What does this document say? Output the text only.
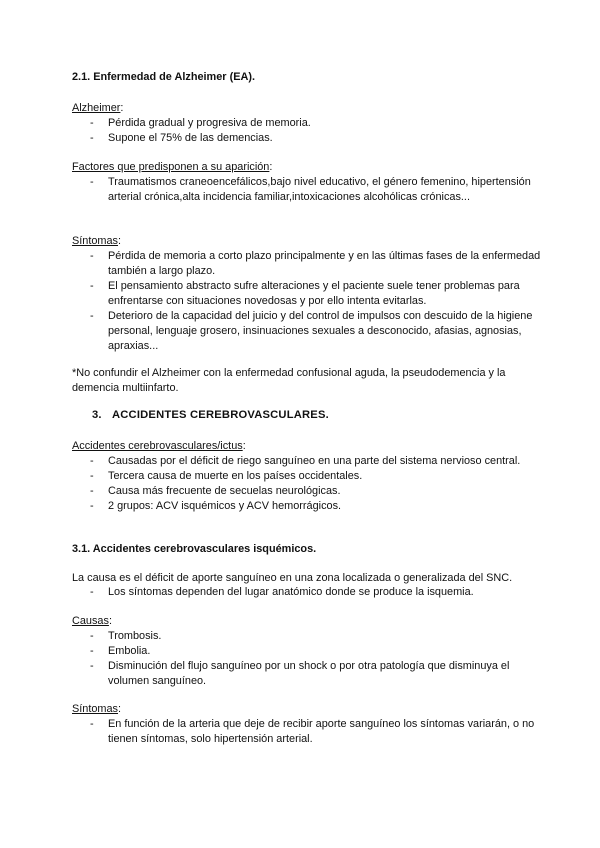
2.1. Enfermedad de Alzheimer (EA).
Alzheimer:
- Pérdida gradual y progresiva de memoria.
- Supone el 75% de las demencias.
Factores que predisponen a su aparición:
- Traumatismos craneoencefálicos,bajo nivel educativo, el género femenino, hipertensión arterial crónica,alta incidencia familiar,intoxicaciones alcohólicas crónicas...
Síntomas:
- Pérdida de memoria a corto plazo principalmente y en las últimas fases de la enfermedad también a largo plazo.
- El pensamiento abstracto sufre alteraciones y el paciente suele tener problemas para enfrentarse con situaciones novedosas y por ello intenta evitarlas.
- Deterioro de la capacidad del juicio y del control de impulsos con descuido de la higiene personal, lenguaje grosero, insinuaciones sexuales a desconocido, afasias, agnosias, apraxias...
*No confundir el Alzheimer con la enfermedad confusional aguda, la pseudodemencia y la demencia multiinfarto.
3. ACCIDENTES CEREBROVASCULARES.
Accidentes cerebrovasculares/ictus:
- Causadas por el déficit de riego sanguíneo en una parte del sistema nervioso central.
- Tercera causa de muerte en los países occidentales.
- Causa más frecuente de secuelas neurológicas.
- 2 grupos: ACV isquémicos y ACV hemorrágicos.
3.1. Accidentes cerebrovasculares isquémicos.
La causa es el déficit de aporte sanguíneo en una zona localizada o generalizada del SNC.
- Los síntomas dependen del lugar anatómico donde se produce la isquemia.
Causas:
- Trombosis.
- Embolia.
- Disminución del flujo sanguíneo por un shock o por otra patología que disminuya el volumen sanguíneo.
Síntomas:
- En función de la arteria que deje de recibir aporte sanguíneo los síntomas variarán, o no tienen síntomas, solo hipertensión arterial.
